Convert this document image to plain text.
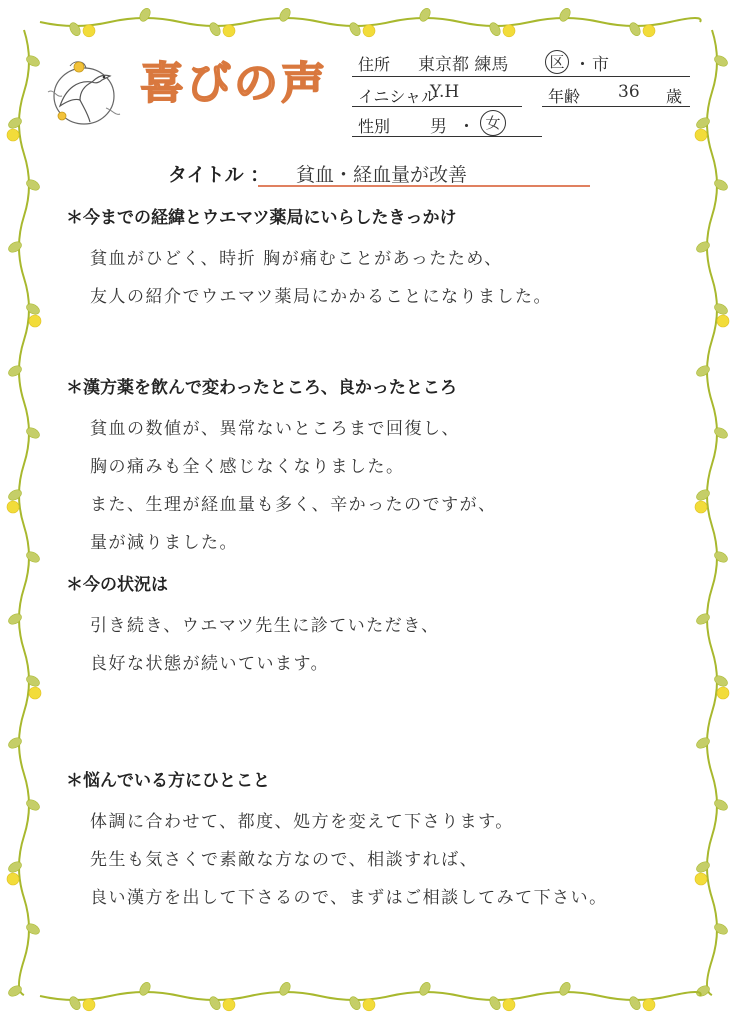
喜びの声 住所 東京都 練馬	区 ・ 市
イニシャル
Y.H	年齢 36 歳
性別 男 ・ 女
タイトル ： 貧血・経血量が改善
＊今までの経緯とウエマツ薬局にいらしたきっかけ
貧血がひどく、時折 胸が痛むことがあったため、
友人の紹介でウエマツ薬局にかかることになりました。
＊漢方薬を飲んで変わったところ、良かったところ
貧血の数値が、異常ないところまで回復し、
胸の痛みも全く感じなくなりました。
また、生理が経血量も多く、辛かったのですが、
量が減りました。
＊今の状況は
引き続き、ウエマツ先生に診ていただき、
良好な状態が続いています。
＊悩んでいる方にひとこと
体調に合わせて、都度、処方を変えて下さります。
先生も気さくで素敵な方なので、相談すれば、
良い漢方を出して下さるので、まずはご相談してみて下さい。
